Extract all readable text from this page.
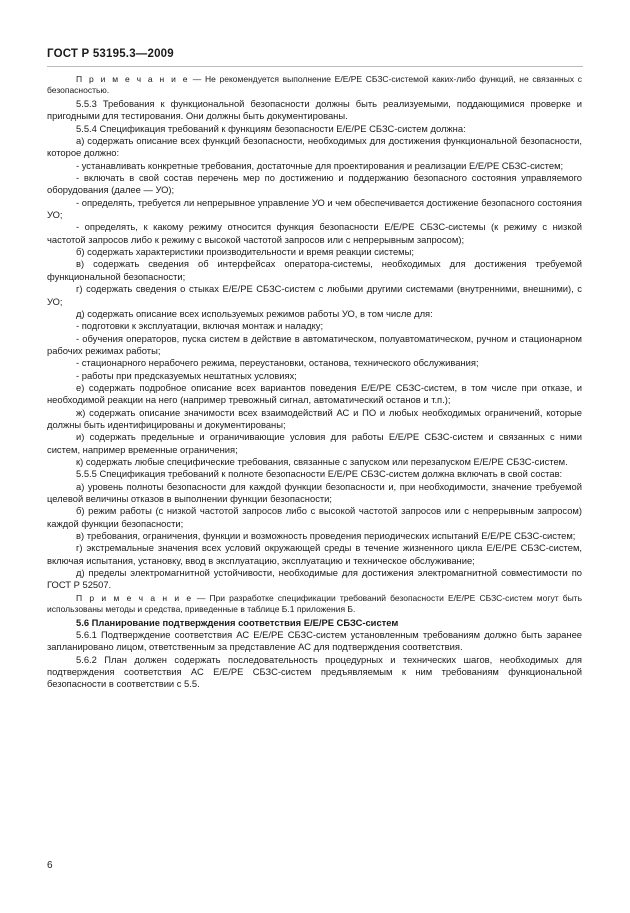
ГОСТ Р 53195.3—2009

П р и м е ч а н и е — Не рекомендуется выполнение Е/Е/РЕ СБЗС-системой каких-либо функций, не связанных с безопасностью.

5.5.3 Требования к функциональной безопасности должны быть реализуемыми, поддающимися проверке и пригодными для тестирования. Они должны быть документированы.

5.5.4 Спецификация требований к функциям безопасности Е/Е/РЕ СБЗС-систем должна:

а) содержать описание всех функций безопасности, необходимых для достижения функциональной безопасности, которое должно:

- устанавливать конкретные требования, достаточные для проектирования и реализации Е/Е/РЕ СБЗС-систем;

- включать в свой состав перечень мер по достижению и поддержанию безопасного состояния управляемого оборудования (далее — УО);

- определять, требуется ли непрерывное управление УО и чем обеспечивается достижение безопасного состояния УО;

- определять, к какому режиму относится функция безопасности Е/Е/РЕ СБЗС-системы (к режиму с низкой частотой запросов либо к режиму с высокой частотой запросов или с непрерывным запросом);

б) содержать характеристики производительности и время реакции системы;

в) содержать сведения об интерфейсах оператора-системы, необходимых для достижения требуемой функциональной безопасности;

г) содержать сведения о стыках Е/Е/РЕ СБЗС-систем с любыми другими системами (внутренними, внешними), с УО;

д) содержать описание всех используемых режимов работы УО, в том числе для:

- подготовки к эксплуатации, включая монтаж и наладку;

- обучения операторов, пуска систем в действие в автоматическом, полуавтоматическом, ручном и стационарном рабочих режимах работы;

- стационарного нерабочего режима, переустановки, останова, технического обслуживания;

- работы при предсказуемых нештатных условиях;

е) содержать подробное описание всех вариантов поведения Е/Е/РЕ СБЗС-систем, в том числе при отказе, и необходимой реакции на него (например тревожный сигнал, автоматический останов и т.п.);

ж) содержать описание значимости всех взаимодействий АС и ПО и любых необходимых ограничений, которые должны быть идентифицированы и документированы;

и) содержать предельные и ограничивающие условия для работы Е/Е/РЕ СБЗС-систем и связанных с ними систем, например временные ограничения;

к) содержать любые специфические требования, связанные с запуском или перезапуском Е/Е/РЕ СБЗС-систем.

5.5.5 Спецификация требований к полноте безопасности Е/Е/РЕ СБЗС-систем должна включать в свой состав:

а) уровень полноты безопасности для каждой функции безопасности и, при необходимости, значение требуемой целевой величины отказов в выполнении функции безопасности;

б) режим работы (с низкой частотой запросов либо с высокой частотой запросов или с непрерывным запросом) каждой функции безопасности;

в) требования, ограничения, функции и возможность проведения периодических испытаний Е/Е/РЕ СБЗС-систем;

г) экстремальные значения всех условий окружающей среды в течение жизненного цикла Е/Е/РЕ СБЗС-систем, включая испытания, установку, ввод в эксплуатацию, эксплуатацию и техническое обслуживание;

д) пределы электромагнитной устойчивости, необходимые для достижения электромагнитной совместимости по ГОСТ Р 52507.

П р и м е ч а н и е — При разработке спецификации требований безопасности Е/Е/РЕ СБЗС-систем могут быть использованы методы и средства, приведенные в таблице Б.1 приложения Б.

5.6 Планирование подтверждения соответствия Е/Е/РЕ СБЗС-систем

5.6.1 Подтверждение соответствия АС Е/Е/РЕ СБЗС-систем установленным требованиям должно быть заранее запланировано лицом, ответственным за представление АС для подтверждения соответствия.

5.6.2 План должен содержать последовательность процедурных и технических шагов, необходимых для подтверждения соответствия АС Е/Е/РЕ СБЗС-систем предъявляемым к ним требованиям функциональной безопасности в соответствии с 5.5.

6
